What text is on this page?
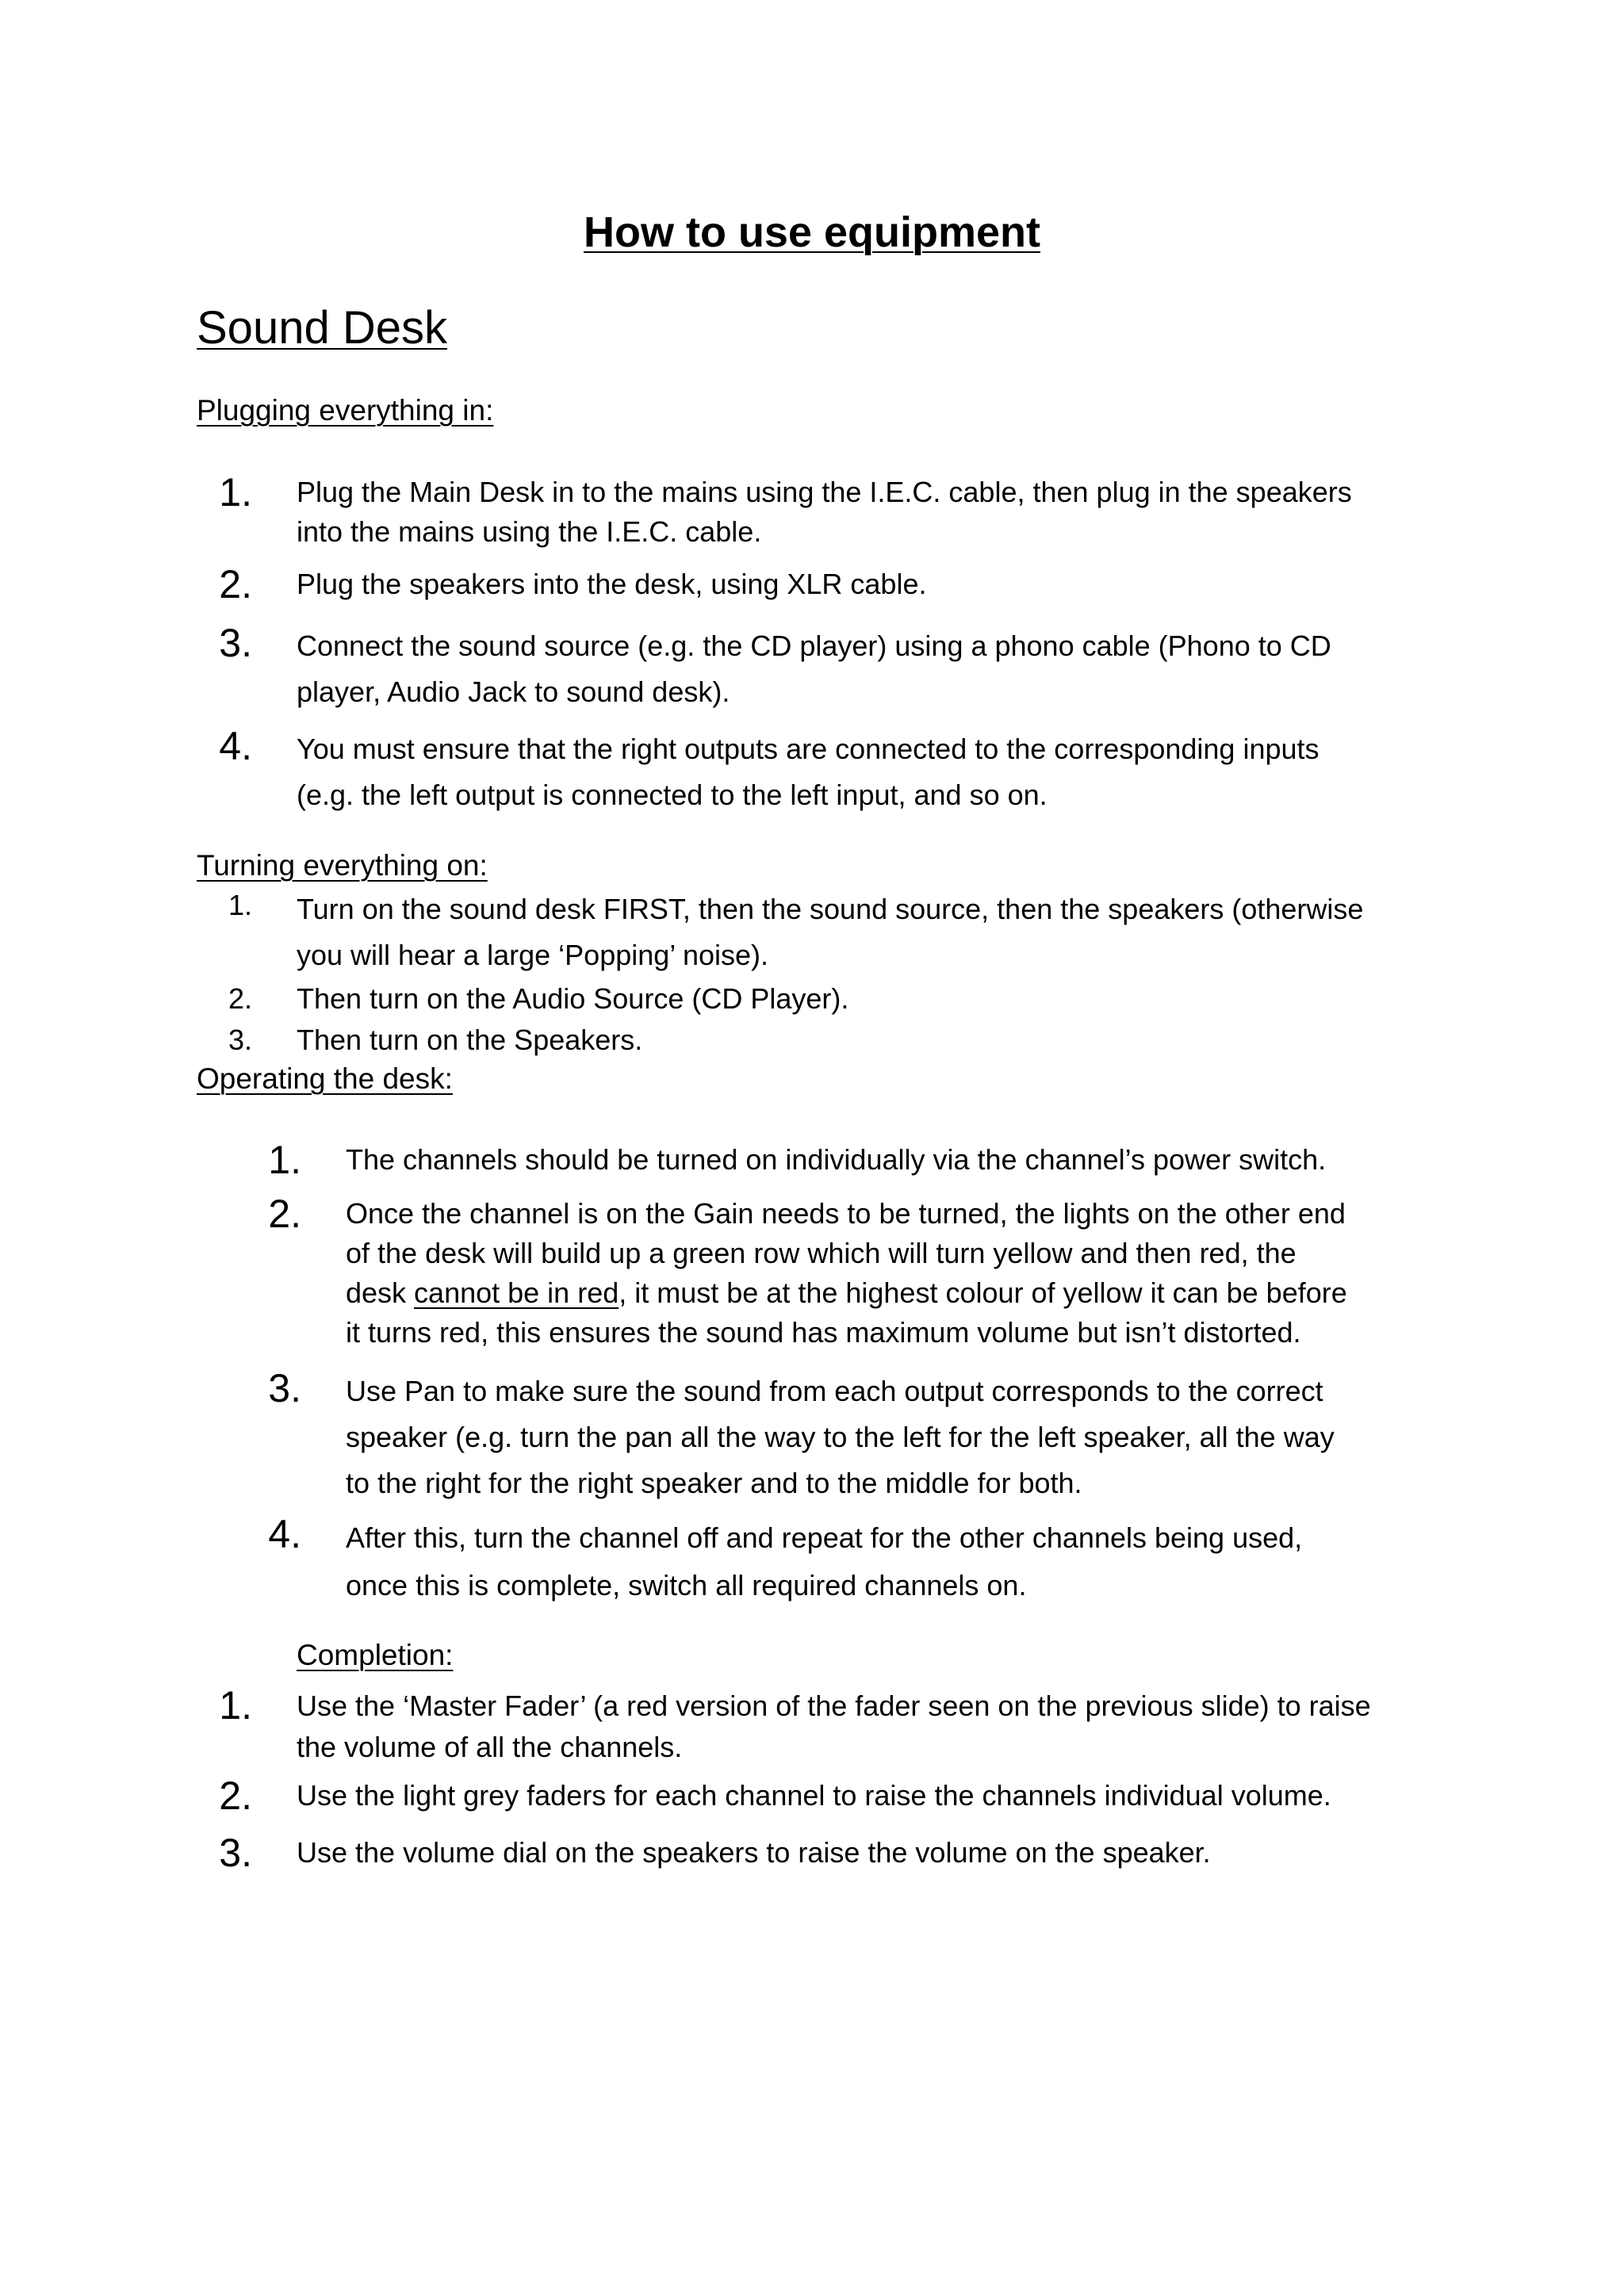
How to use equipment
Sound Desk
Plugging everything in:
1. Plug the Main Desk in to the mains using the I.E.C. cable, then plug in the speakers
into the mains using the I.E.C. cable.
2. Plug the speakers into the desk, using XLR cable.
3. Connect the sound source (e.g. the CD player) using a phono cable (Phono to CD
player, Audio Jack to sound desk).
4. You must ensure that the right outputs are connected to the corresponding inputs
(e.g. the left output is connected to the left input, and so on.
Turning everything on:
1. Turn on the sound desk FIRST, then the sound source, then the speakers (otherwise
you will hear a large ‘Popping’ noise).
2. Then turn on the Audio Source (CD Player).
3. Then turn on the Speakers.
Operating the desk:
1. The channels should be turned on individually via the channel’s power switch.
2. Once the channel is on the Gain needs to be turned, the lights on the other end
of the desk will build up a green row which will turn yellow and then red, the
desk cannot be in red, it must be at the highest colour of yellow it can be before
it turns red, this ensures the sound has maximum volume but isn’t distorted.
3. Use Pan to make sure the sound from each output corresponds to the correct
speaker (e.g. turn the pan all the way to the left for the left speaker, all the way
to the right for the right speaker and to the middle for both.
4. After this, turn the channel off and repeat for the other channels being used,
once this is complete, switch all required channels on.
Completion:
1. Use the ‘Master Fader’ (a red version of the fader seen on the previous slide) to raise
the volume of all the channels.
2. Use the light grey faders for each channel to raise the channels individual volume.
3. Use the volume dial on the speakers to raise the volume on the speaker.
